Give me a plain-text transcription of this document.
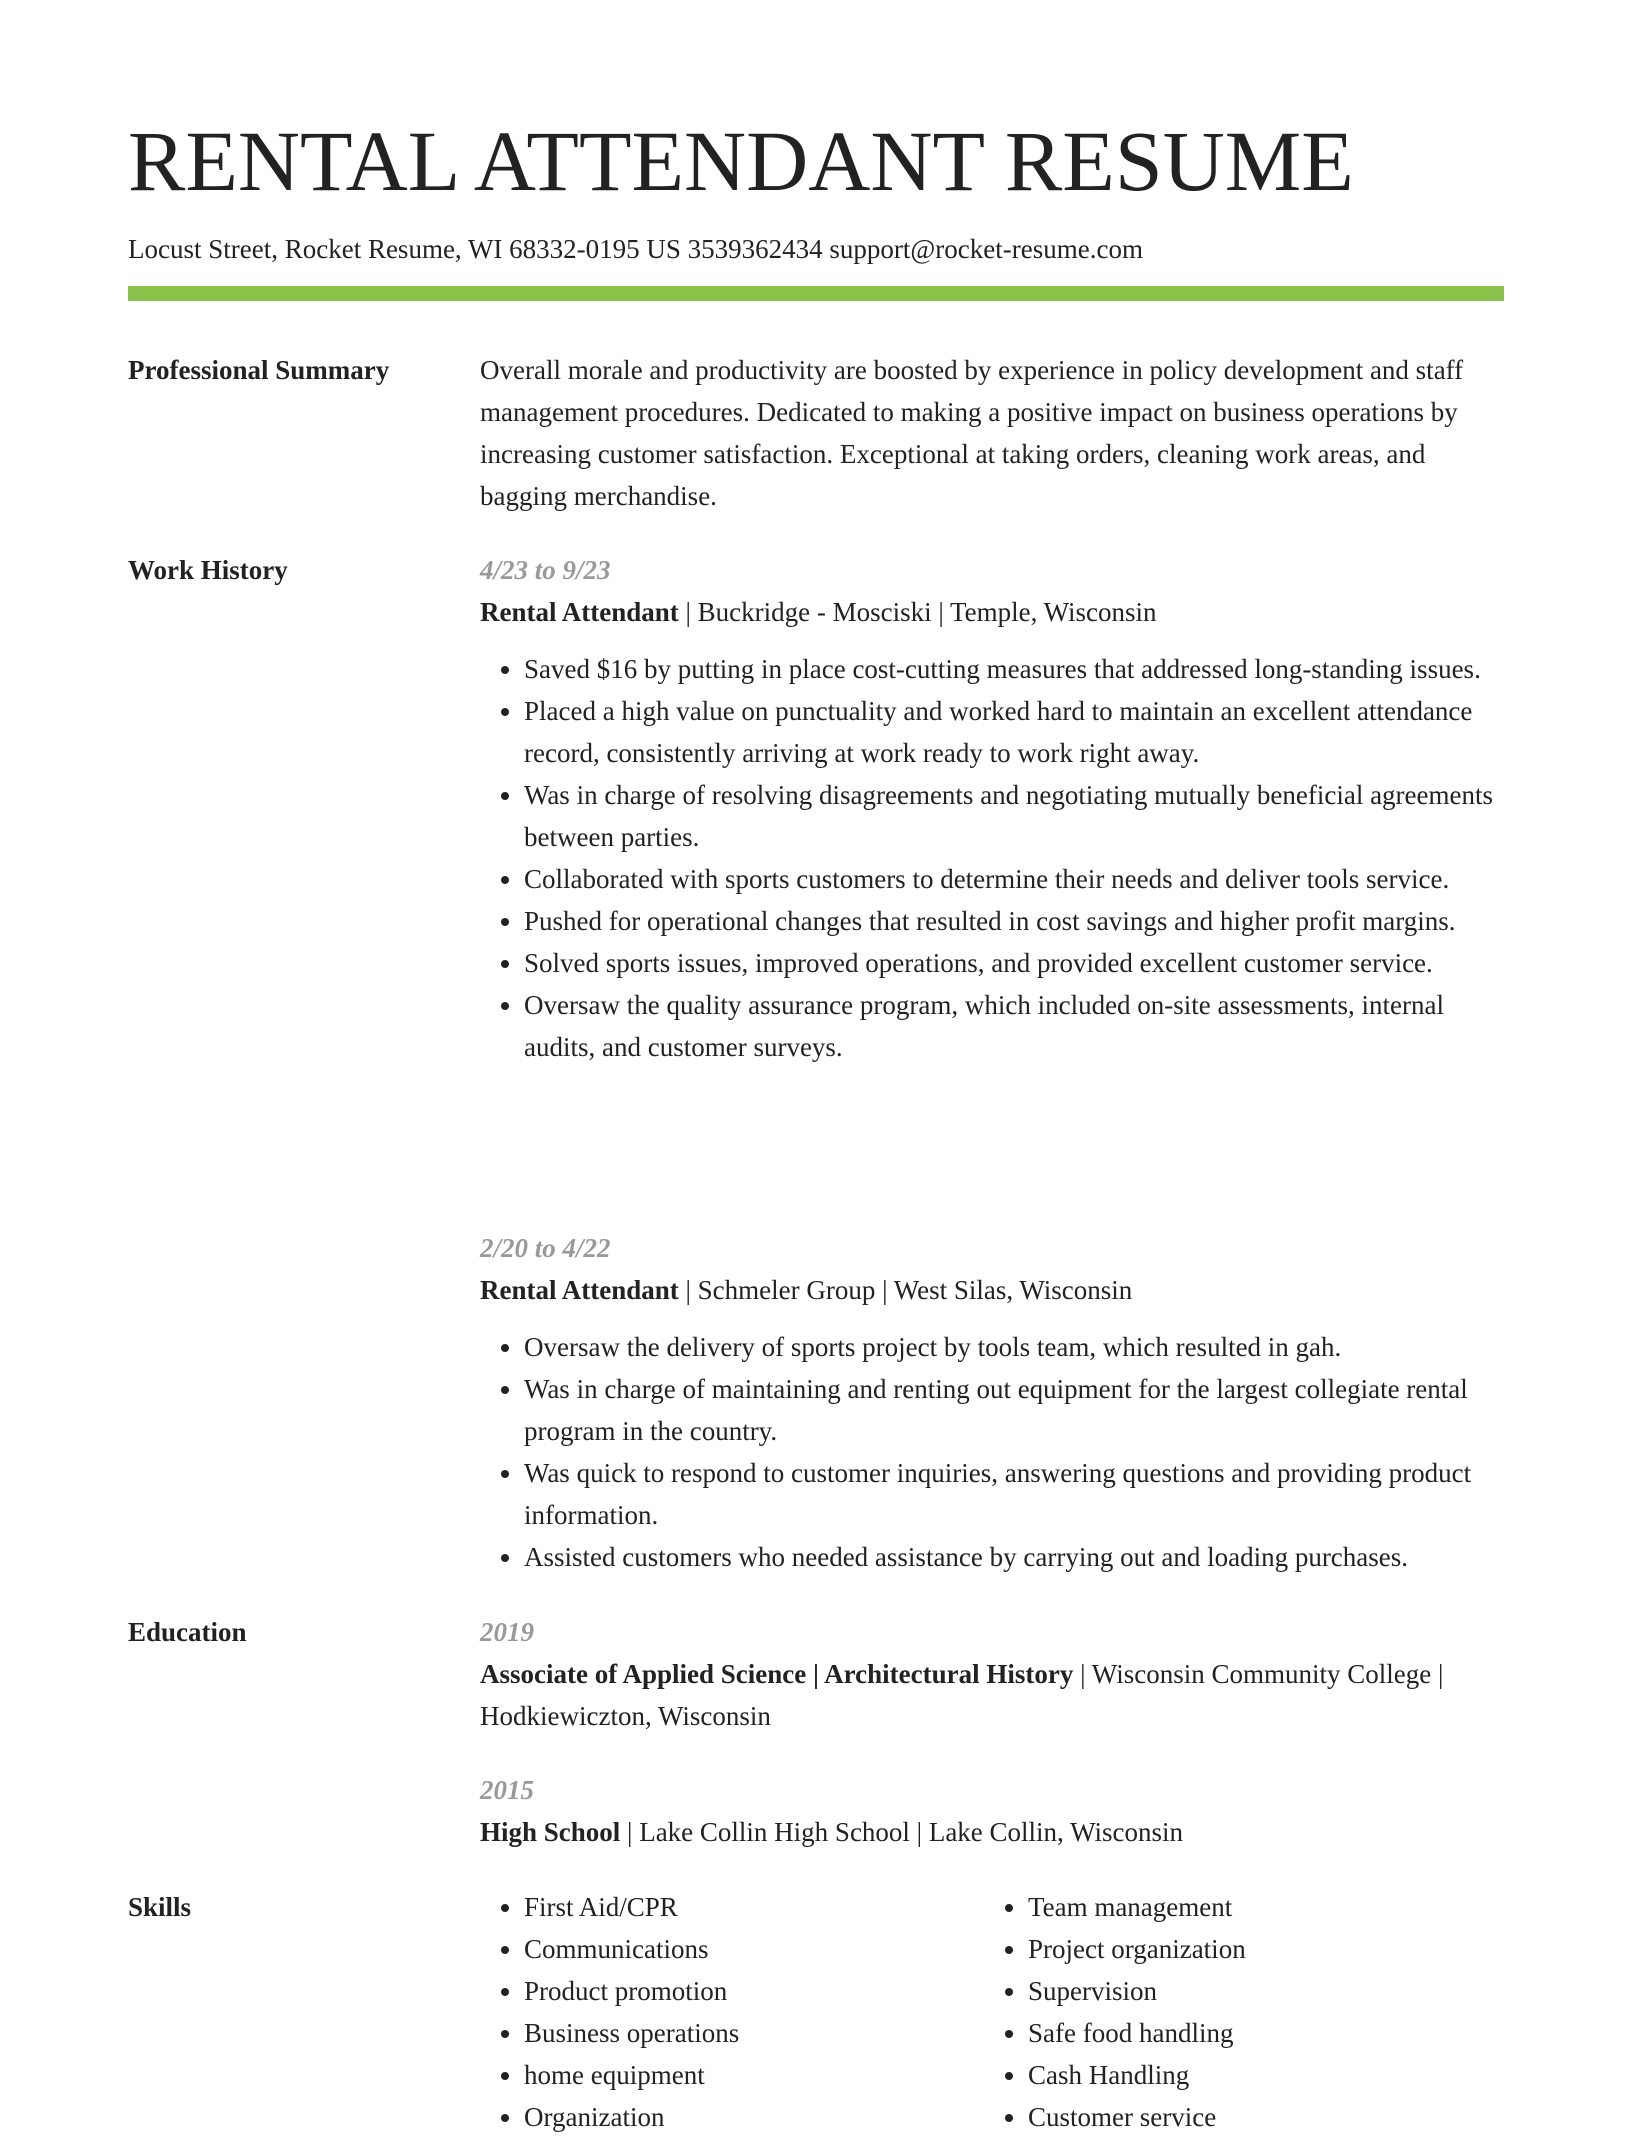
RENTAL ATTENDANT RESUME
Locust Street, Rocket Resume, WI 68332-0195 US 3539362434 support@rocket-resume.com
Professional Summary	Overall morale and productivity are boosted by experience in policy development and staff management procedures. Dedicated to making a positive impact on business operations by increasing customer satisfaction. Exceptional at taking orders, cleaning work areas, and bagging merchandise.

Work History	4/23 to 9/23

Rental Attendant | Buckridge - Mosciski | Temple, Wisconsin

• Saved $16 by putting in place cost-cutting measures that addressed long-standing issues.
• Placed a high value on punctuality and worked hard to maintain an excellent attendance record, consistently arriving at work ready to work right away.
• Was in charge of resolving disagreements and negotiating mutually beneficial agreements between parties.
• Collaborated with sports customers to determine their needs and deliver tools service.
• Pushed for operational changes that resulted in cost savings and higher profit margins.
• Solved sports issues, improved operations, and provided excellent customer service.
• Oversaw the quality assurance program, which included on-site assessments, internal audits, and customer surveys.
2/20 to 4/22

Rental Attendant | Schmeler Group | West Silas, Wisconsin

• Oversaw the delivery of sports project by tools team, which resulted in gah.
• Was in charge of maintaining and renting out equipment for the largest collegiate rental program in the country.
• Was quick to respond to customer inquiries, answering questions and providing product information.
• Assisted customers who needed assistance by carrying out and loading purchases.
Education	2019

Associate of Applied Science | Architectural History | Wisconsin Community College | Hodkiewiczton, Wisconsin

2015

High School | Lake Collin High School | Lake Collin, Wisconsin

Skills
•	First Aid/CPR
• Communications
• Product promotion
• Business operations
• home equipment
• Organization
• Team management
• Project organization
• Supervision
• Safe food handling
• Cash Handling
• Customer service
